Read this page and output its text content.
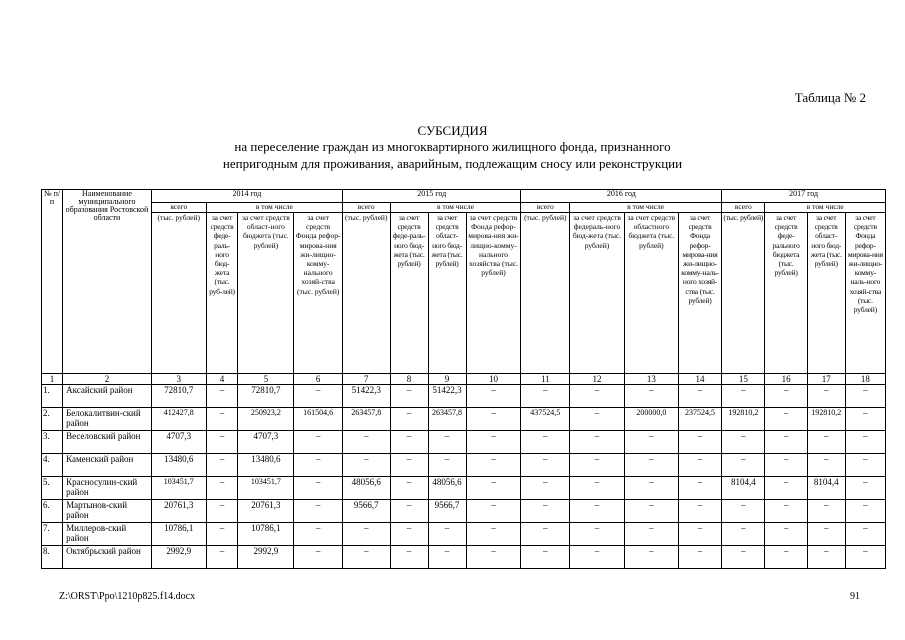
Таблица № 2
СУБСИДИЯ
на переселение граждан из многоквартирного жилищного фонда, признанного
непригодным для проживания, аварийным, подлежащим сносу или реконструкции
№ п/п	Наименование муниципального образования Ростовской области	2014 год				2015 год				2016 год				2017 год			
		всего	в том числе			всего	в том числе			всего	в том числе			всего	в том числе		
		(тыс. рублей)	за счет средств феде-раль-ного бюд-жета (тыс. руб-лей)	за счет средств област-ного бюджета (тыс. рублей)	за счет средств Фонда рефор-мирова-ния жи-лищно-комму-нального хозяй-ства (тыс. рублей)	(тыс. рублей)	за счет средств феде-раль-ного бюд-жета (тыс. рублей)	за счет средств област-ного бюд-жета (тыс. рублей)	за счет средств Фонда рефор-мирова-ния жи-лищно-комму-нального хозяйства (тыс. рублей)	(тыс. рублей)	за счет средств федераль-ного бюд-жета (тыс. рублей)	за счет средств областного бюджета (тыс. рублей)	за счет средств Фонда рефор-мирова-ния жи-лищно-комму-наль-ного хозяй-ства (тыс. рублей)	(тыс. рублей)	за счет средств феде-рального бюджета (тыс. рублей)	за счет средств област-ного бюд-жета (тыс. рублей)	за счет средств Фонда рефор-мирова-ния жи-лищно-комму-наль-ного хозяй-ства (тыс. рублей)
1	2	3	4	5	6	7	8	9	10	11	12	13	14	15	16	17	18
1.	Аксайский район	72810,7	–	72810,7	–	51422,3	–	51422,3	–	–	–	–	–	–	–	–	–
2.	Белокалитвин-ский район	412427,8	–	250923,2	161504,6	263457,8	–	263457,8	–	437524,5	–	200000,0	237524,5	192810,2	–	192810,2	–
3.	Веселовский район	4707,3	–	4707,3	–	–	–	–	–	–	–	–	–	–	–	–	–
4.	Каменский район	13480,6	–	13480,6	–	–	–	–	–	–	–	–	–	–	–	–	–
5.	Красносулин-ский район	103451,7	–	103451,7	–	48056,6	–	48056,6	–	–	–	–	–	8104,4	–	8104,4	–
6.	Мартынов-ский район	20761,3	–	20761,3	–	9566,7	–	9566,7	–	–	–	–	–	–	–	–	–
7.	Миллеров-ский район	10786,1	–	10786,1	–	–	–	–	–	–	–	–	–	–	–	–	–
8.	Октябрьский район	2992,9	–	2992,9	–	–	–	–	–	–	–	–	–	–	–	–	–
Z:\ORST\Ppo\1210p825.f14.docx	91
